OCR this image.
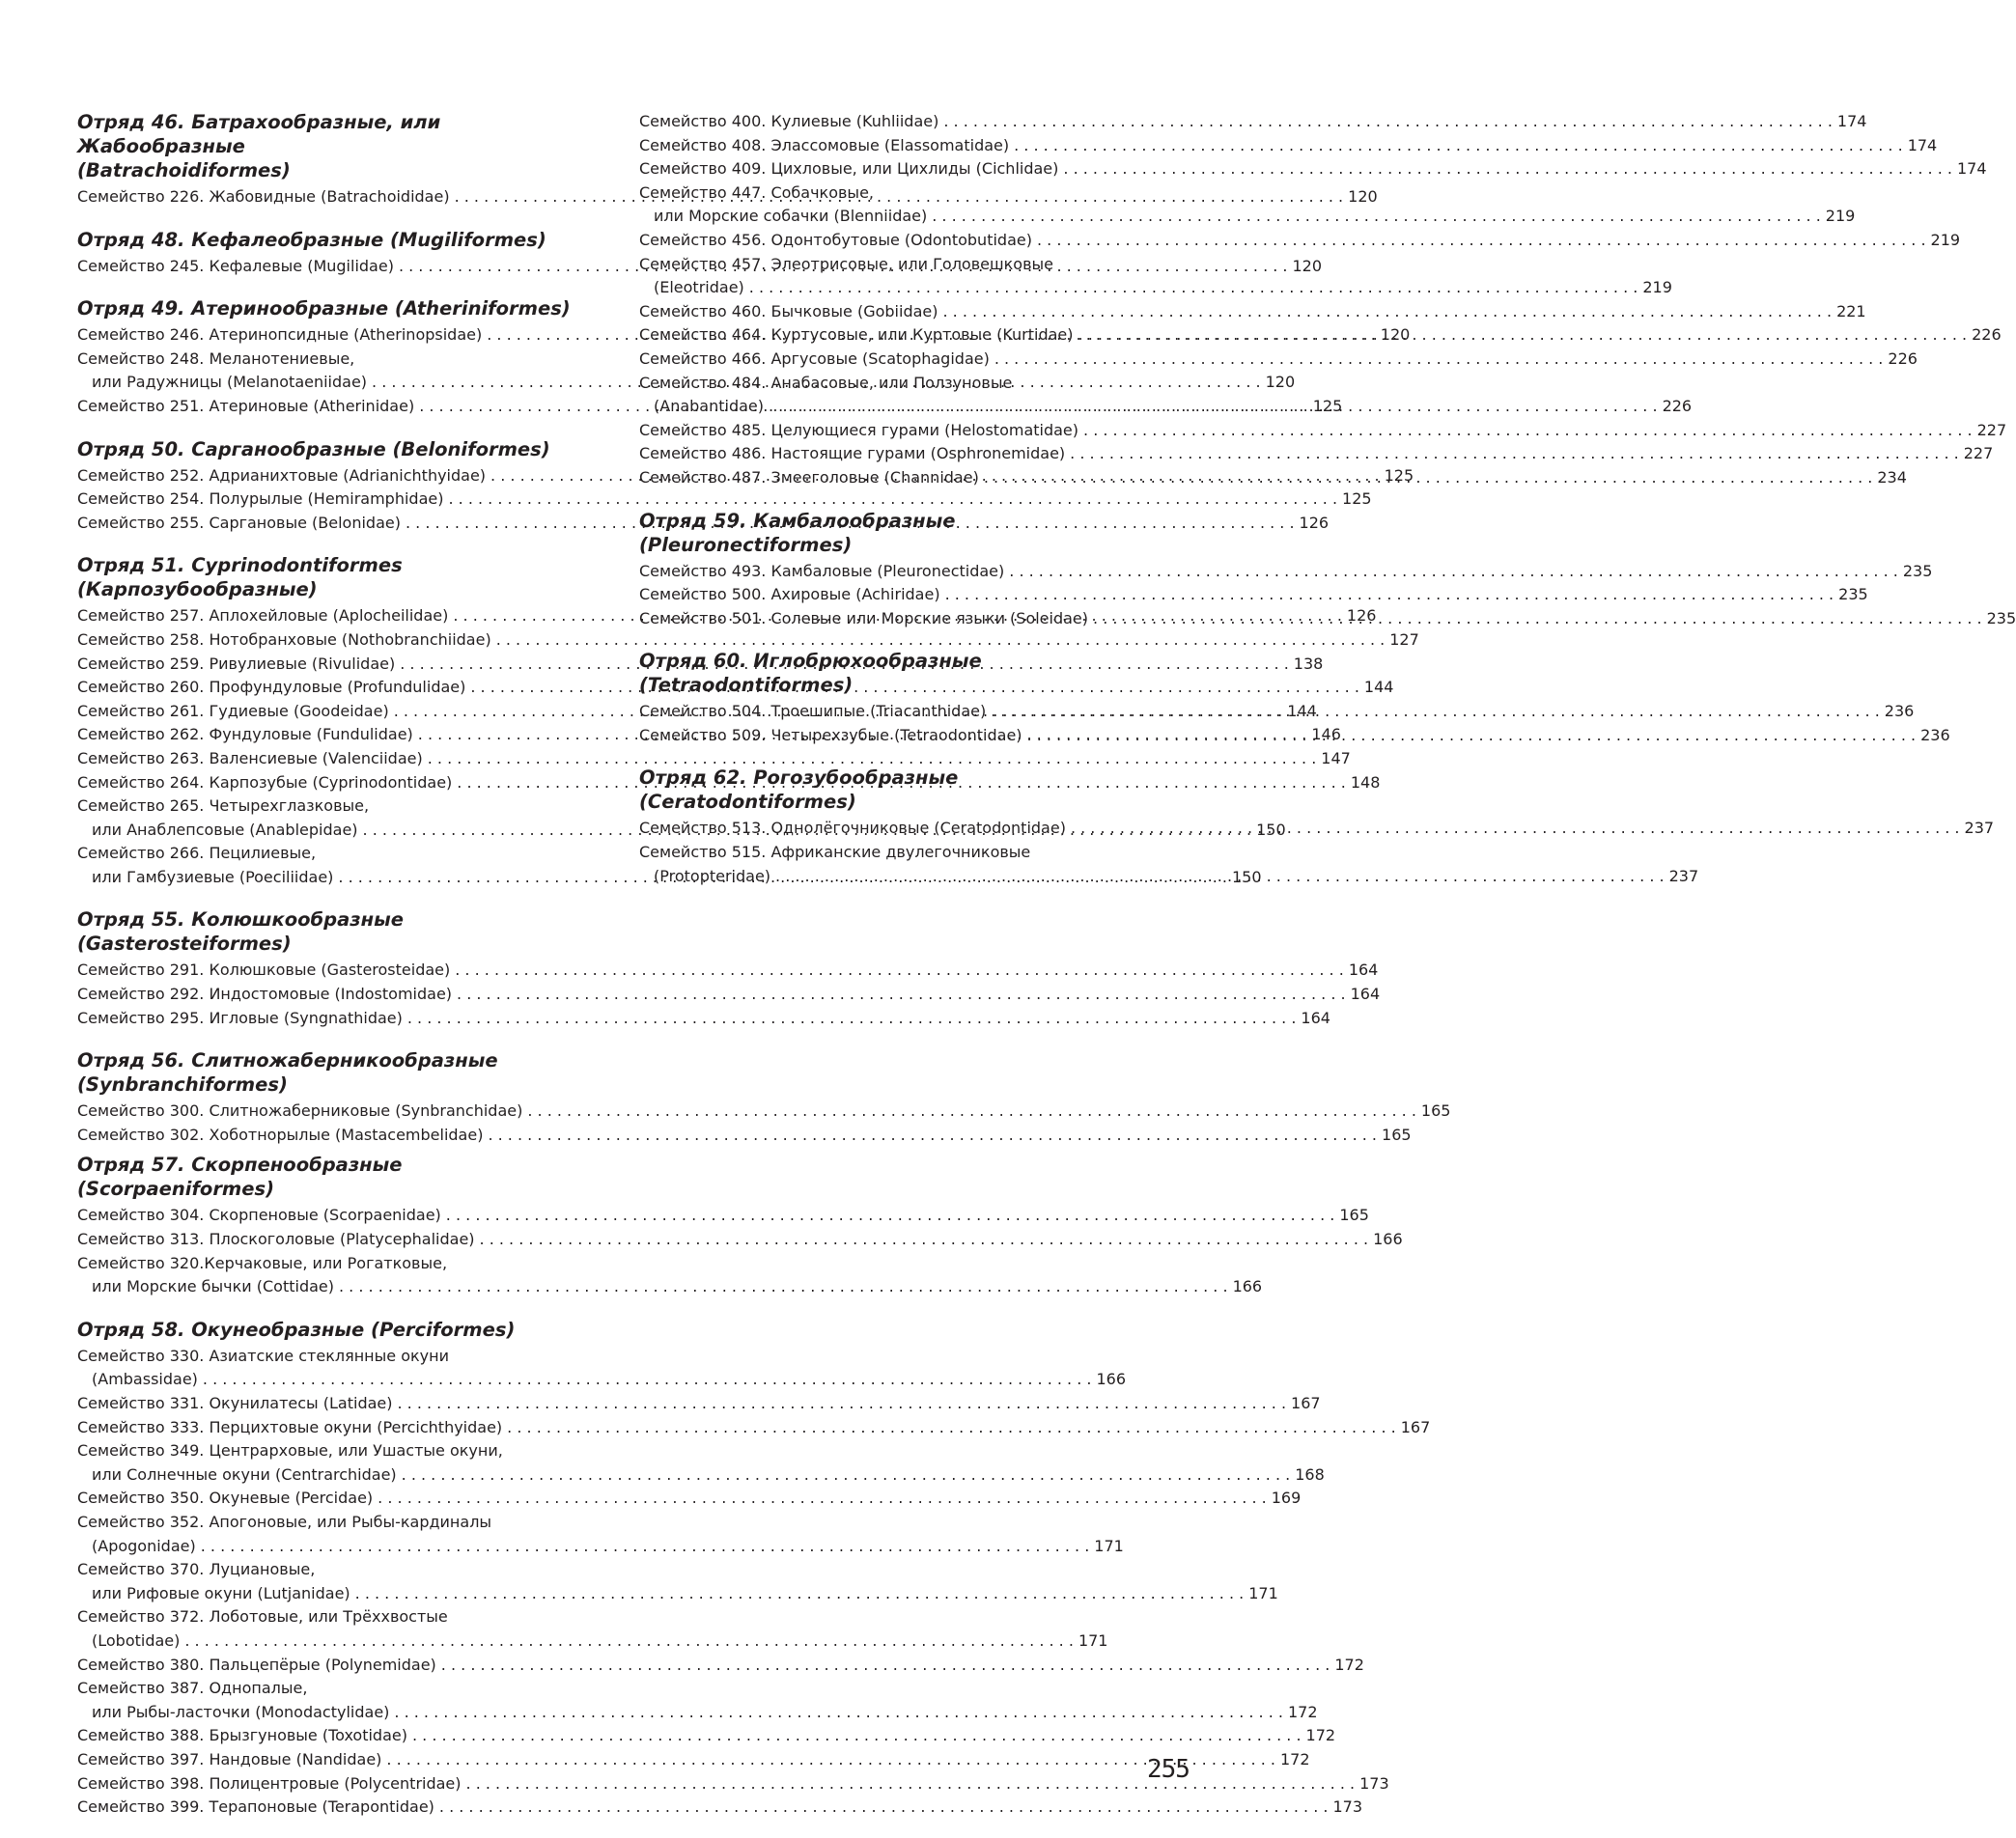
Отряд 46. Батрахообразные, или Жабообразные
(Batrachoidiformes)
Семейство 226. Жабовидные (Batrachoididae) . . .	120
Отряд 48. Кефалеобразные (Mugiliformes)
Семейство 245. Кефалевые (Mugilidae) . . .	120
Отряд 49. Атеринообразные (Atheriniformes)
Семейство 246. Атеринопсидные (Atherinopsidae) . . .	120
Семейство 248. Меланотениевые,
или Радужницы (Melanotaeniidae) . . .	120
Семейство 251. Атериновые (Atherinidae) . . .	125
Отряд 50. Сарганообразные (Beloniformes)
Семейство 252. Адрианихтовые (Adrianichthyidae) . . .	125
Семейство 254. Полурылые (Hemiramphidae) . . .	125
Семейство 255. Саргановые (Belonidae) . . .	126
Отряд 51. Cyprinodontiformes (Карпозубообразные)
Семейство 257. Аплохейловые (Aplocheilidae) . . .	126
Семейство 258. Нотобранховые (Nothobranchiidae) . . .	127
Семейство 259. Ривулиевые (Rivulidae) . . .	138
Семейство 260. Профундуловые (Profundulidae) . . .	144
Семейство 261. Гудиевые (Goodeidae) . . .	144
Семейство 262. Фундуловые (Fundulidae) . . .	146
Семейство 263. Валенсиевые (Valenciidae) . . .	147
Семейство 264. Карпозубые (Cyprinodontidae) . . .	148
Семейство 265. Четырехглазковые,
или Анаблепсовые (Anablepidae) . . .	150
Семейство 266. Пецилиевые,
или Гамбузиевые (Poeciliidae) . . .	150
Отряд 55. Колюшкообразные (Gasterosteiformes)
Семейство 291. Колюшковые (Gasterosteidae) . . .	164
Семейство 292. Индостомовые (Indostomidae) . . .	164
Семейство 295. Игловые (Syngnathidae) . . .	164
Отряд 56. Слитножаберникообразные
(Synbranchiformes)
Семейство 300. Слитножаберниковые (Synbranchidae) . . .	165
Семейство 302. Хоботнорылые (Mastacembelidae) . . .	165
Отряд 57. Скорпенообразные (Scorpaeniformes)
Семейство 304. Скорпеновые (Scorpaenidae) . . .	165
Семейство 313. Плоскоголовые (Platycephalidae) . . .	166
Семейство 320.Керчаковые, или Рогатковые,
или Морские бычки (Cottidae) . . .	166
Отряд 58. Окунеобразные (Perciformes)
Семейство 330. Азиатские стеклянные окуни
(Ambassidae) . . .	166
Семейство 331. Окунилатесы (Latidae) . . .	167
Семейство 333. Перцихтовые окуни (Percichthyidae) . . .	167
Семейство 349. Центрарховые, или Ушастые окуни,
или Солнечные окуни (Centrarchidae) . . .	168
Семейство 350. Окуневые (Percidae) . . .	169
Семейство 352. Апогоновые, или Рыбы-кардиналы
(Apogonidae) . . .	171
Семейство 370. Луциановые,
или Рифовые окуни (Lutjanidae) . . .	171
Семейство 372. Лоботовые, или Трёххвостые
(Lobotidae) . . .	171
Семейство 380. Пальцепёрые (Polynemidae) . . .	172
Семейство 387. Однопалые,
или Рыбы-ласточки (Monodactylidae) . . .	172
Семейство 388. Брызгуновые (Toxotidae) . . .	172
Семейство 397. Нандовые (Nandidae) . . .	172
Семейство 398. Полицентровые (Polycentridae) . . .	173
Семейство 399. Терапоновые (Terapontidae) . . .	173
Семейство 400. Кулиевые (Kuhliidae) . . .	174
Семейство 408. Элассомовые (Elassomatidae) . . .	174
Семейство 409. Цихловые, или Цихлиды (Cichlidae) . . .	174
Семейство 447. Собачковые,
или Морские собачки (Blenniidae) . . .	219
Семейство 456. Одонтобутовые (Odontobutidae) . . .	219
Семейство 457. Элеотрисовые, или Головешковые
(Eleotridae) . . .	219
Семейство 460. Бычковые (Gobiidae) . . .	221
Семейство 464. Куртусовые, или Куртовые (Kurtidae) . . .	226
Семейство 466. Аргусовые (Scatophagidae) . . .	226
Семейство 484. Анабасовые, или Ползуновые
(Anabantidae) . . .	226
Семейство 485. Целующиеся гурами (Helostomatidae) . . .	227
Семейство 486. Настоящие гурами (Osphronemidae) . . .	227
Семейство 487. Змееголовые (Channidae) . . .	234
Отряд 59. Камбалообразные (Pleuronectiformes)
Семейство 493. Камбаловые (Pleuronectidae) . . .	235
Семейство 500. Ахировые (Achiridae) . . .	235
Семейство 501. Солевые или Морские языки (Soleidae) . . .	235
Отряд 60. Иглобрюхообразные (Tetraodontiformes)
Семейство 504. Троешипые (Triacanthidae) . . .	236
Семейство 509. Четырехзубые (Tetraodontidae) . . .	236
Отряд 62. Рогозубообразные (Ceratodontiformes)
Семейство 513. Однолёгочниковые (Ceratodontidae) . . .	237
Семейство 515. Африканские двулегочниковые
(Protopteridae) . . .	237
255
